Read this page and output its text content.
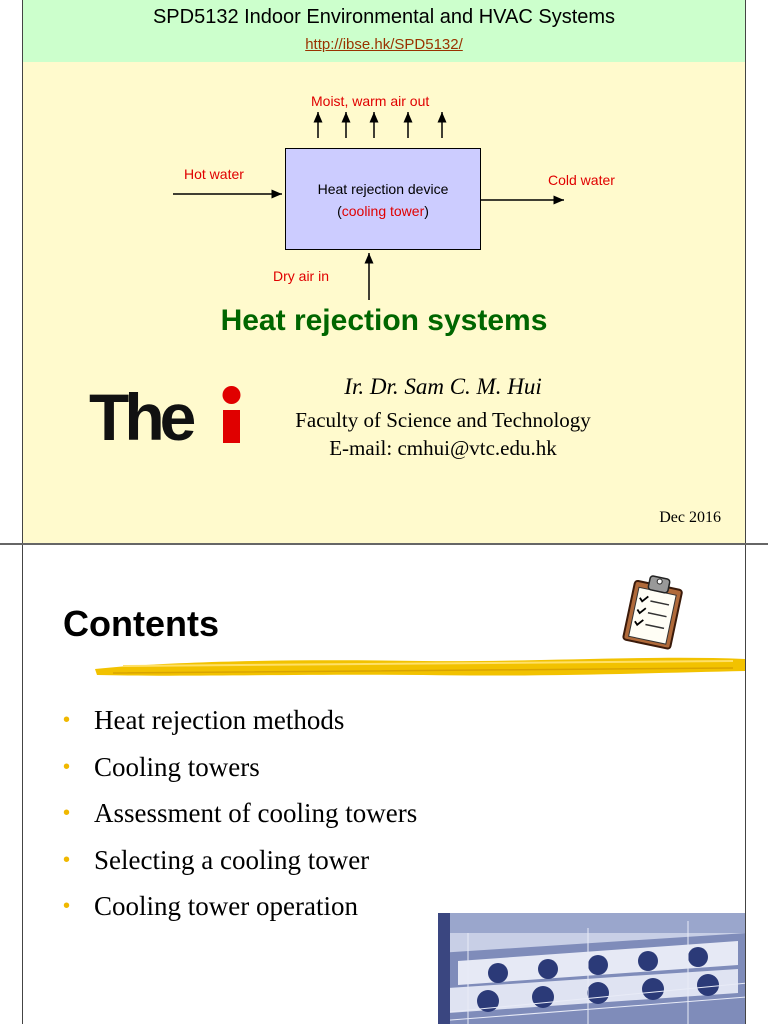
SPD5132 Indoor Environmental and HVAC Systems
http://ibse.hk/SPD5132/
Moist, warm air out
Hot water	Cold water
Dry air in
Heat rejection device
(cooling tower)
Heat rejection systems
The	Ir. Dr. Sam C. M. Hui
Faculty of Science and Technology
E-mail: cmhui@vtc.edu.hk
Dec 2016
Contents
• Heat rejection methods
• Cooling towers
• Assessment of cooling towers
• Selecting a cooling tower
• Cooling tower operation
